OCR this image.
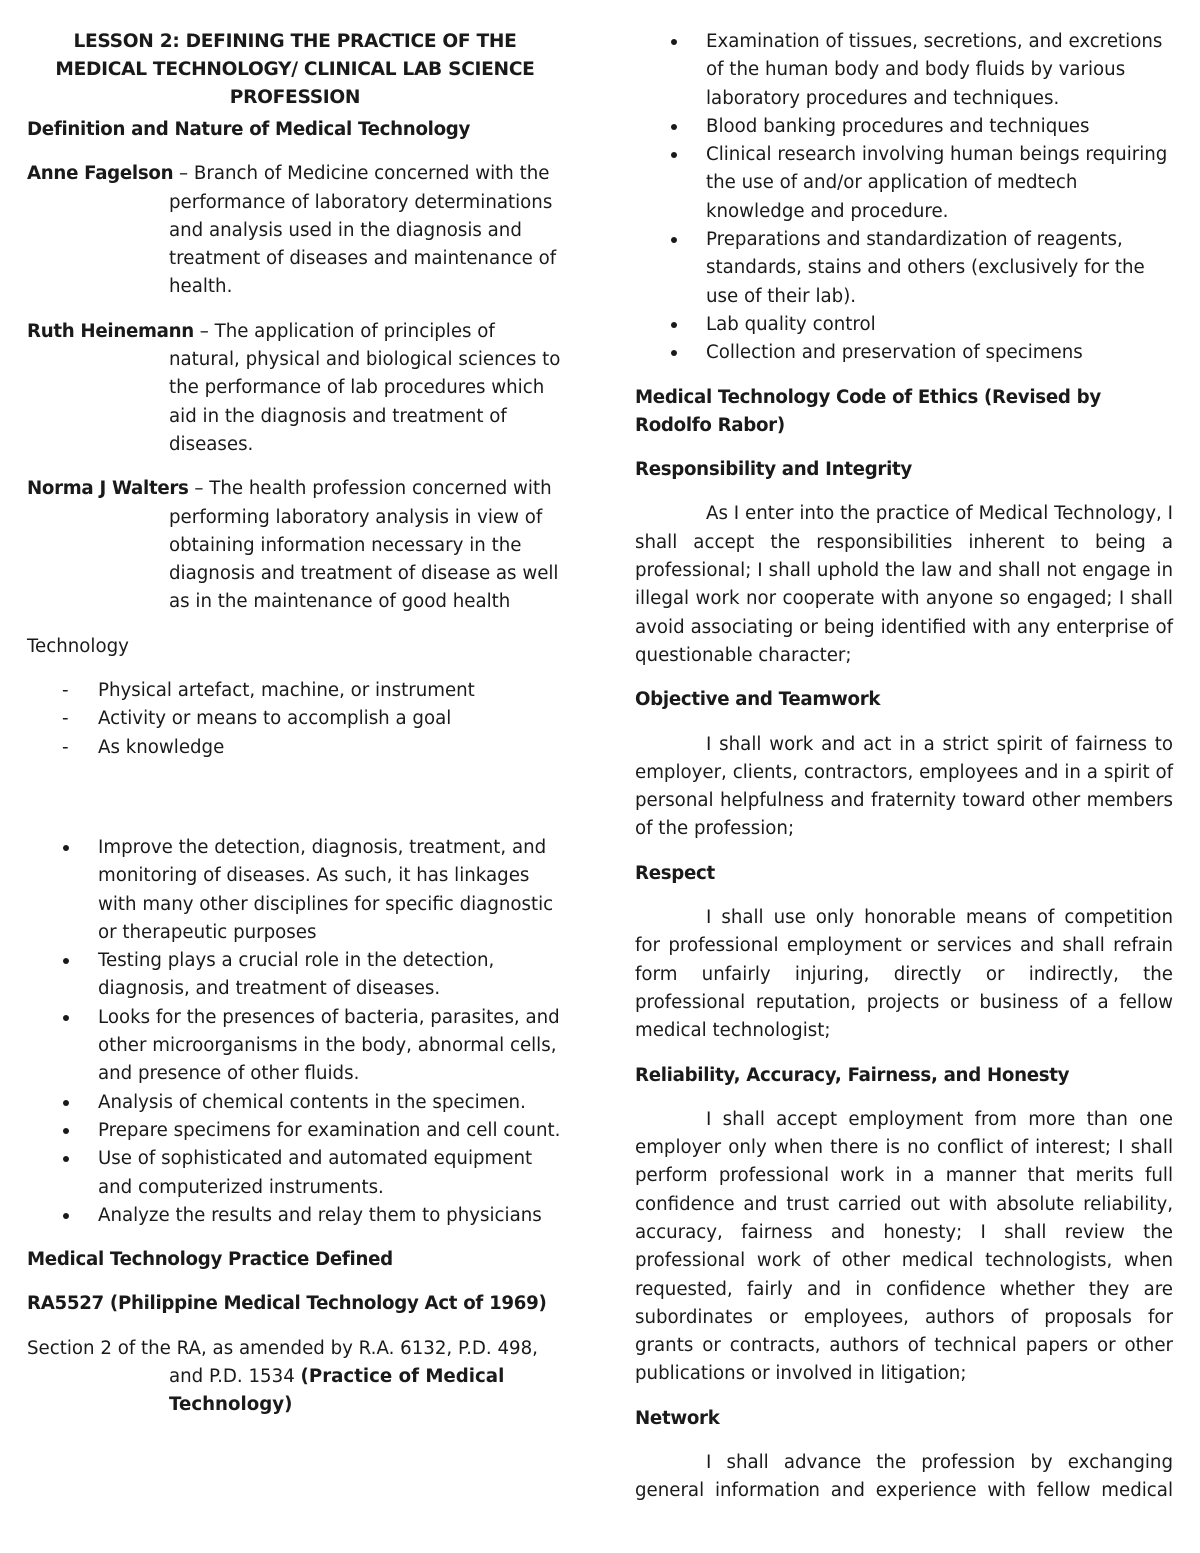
LESSON 2: DEFINING THE PRACTICE OF THE MEDICAL TECHNOLOGY/ CLINICAL LAB SCIENCE PROFESSION

Definition and Nature of Medical Technology

Anne Fagelson – Branch of Medicine concerned with the performance of laboratory determinations and analysis used in the diagnosis and treatment of diseases and maintenance of health.

Ruth Heinemann – The application of principles of natural, physical and biological sciences to the performance of lab procedures which aid in the diagnosis and treatment of diseases.

Norma J Walters – The health profession concerned with performing laboratory analysis in view of obtaining information necessary in the diagnosis and treatment of disease as well as in the maintenance of good health

Technology

- Physical artefact, machine, or instrument
- Activity or means to accomplish a goal
- As knowledge
Improve the detection, diagnosis, treatment, and monitoring of diseases. As such, it has linkages with many other disciplines for specific diagnostic or therapeutic purposes
Testing plays a crucial role in the detection, diagnosis, and treatment of diseases.
Looks for the presences of bacteria, parasites, and other microorganisms in the body, abnormal cells, and presence of other fluids.
Analysis of chemical contents in the specimen.
Prepare specimens for examination and cell count.
Use of sophisticated and automated equipment and computerized instruments.
Analyze the results and relay them to physicians

Medical Technology Practice Defined

RA5527 (Philippine Medical Technology Act of 1969)

Section 2 of the RA, as amended by R.A. 6132, P.D. 498, and P.D. 1534 (Practice of Medical Technology)

Examination of tissues, secretions, and excretions of the human body and body fluids by various laboratory procedures and techniques.
Blood banking procedures and techniques
Clinical research involving human beings requiring the use of and/or application of medtech knowledge and procedure.
Preparations and standardization of reagents, standards, stains and others (exclusively for the use of their lab).
Lab quality control
Collection and preservation of specimens

Medical Technology Code of Ethics (Revised by Rodolfo Rabor)

Responsibility and Integrity

As I enter into the practice of Medical Technology, I shall accept the responsibilities inherent to being a professional; I shall uphold the law and shall not engage in illegal work nor cooperate with anyone so engaged; I shall avoid associating or being identified with any enterprise of questionable character;

Objective and Teamwork

I shall work and act in a strict spirit of fairness to employer, clients, contractors, employees and in a spirit of personal helpfulness and fraternity toward other members of the profession;

Respect

I shall use only honorable means of competition for professional employment or services and shall refrain form unfairly injuring, directly or indirectly, the professional reputation, projects or business of a fellow medical technologist;

Reliability, Accuracy, Fairness, and Honesty

I shall accept employment from more than one employer only when there is no conflict of interest; I shall perform professional work in a manner that merits full confidence and trust carried out with absolute reliability, accuracy, fairness and honesty; I shall review the professional work of other medical technologists, when requested, fairly and in confidence whether they are subordinates or employees, authors of proposals for grants or contracts, authors of technical papers or other publications or involved in litigation;

Network

I shall advance the profession by exchanging general information and experience with fellow medical
